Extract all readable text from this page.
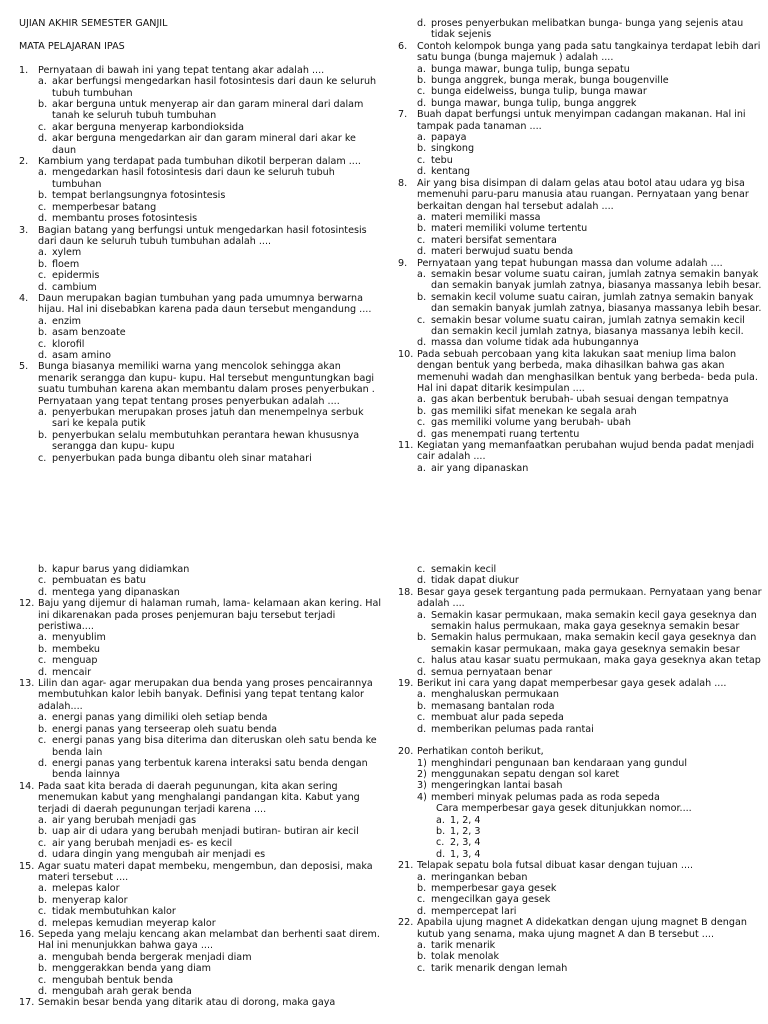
UJIAN AKHIR SEMESTER GANJIL
MATA PELAJARAN IPAS
1.	Pernyataan di bawah ini yang tepat tentang akar adalah ....
a. akar berfungsi mengedarkan hasil fotosintesis dari daun ke seluruh tubuh tumbuhan
b. akar berguna untuk menyerap air dan garam mineral dari dalam tanah ke seluruh tubuh tumbuhan
c. akar berguna menyerap karbondioksida
d. akar berguna mengedarkan air dan garam mineral dari akar ke daun
2.	Kambium yang terdapat pada tumbuhan dikotil berperan dalam ....
a. mengedarkan hasil fotosintesis dari daun ke seluruh tubuh tumbuhan
b. tempat berlangsungnya fotosintesis
c. memperbesar batang
d. membantu proses fotosintesis
3.	Bagian batang yang berfungsi untuk mengedarkan hasil fotosintesis dari daun ke seluruh tubuh tumbuhan adalah ....
a. xylem
b. floem
c. epidermis
d. cambium
4.	Daun merupakan bagian tumbuhan yang pada umumnya berwarna hijau. Hal ini disebabkan karena pada daun tersebut mengandung ....
a. enzim
b. asam benzoate
c. klorofil
d. asam amino
5.	Bunga biasanya memiliki warna yang mencolok sehingga akan menarik serangga dan kupu- kupu. Hal tersebut menguntungkan bagi suatu tumbuhan karena akan membantu dalam proses penyerbukan . Pernyataan yang tepat tentang proses penyerbukan adalah ....
a. penyerbukan merupakan proses jatuh dan menempelnya serbuk sari ke kepala putik
b. penyerbukan selalu membutuhkan perantara hewan khususnya serangga dan kupu- kupu
c. penyerbukan pada bunga dibantu oleh sinar matahari
d. proses penyerbukan melibatkan bunga- bunga yang sejenis atau tidak sejenis
6.	Contoh kelompok bunga yang pada satu tangkainya terdapat lebih dari satu bunga (bunga majemuk ) adalah ....
a. bunga mawar, bunga tulip, bunga sepatu
b. bunga anggrek, bunga merak, bunga bougenville
c. bunga eidelweiss, bunga tulip, bunga mawar
d. bunga mawar, bunga tulip, bunga anggrek
7.	Buah dapat berfungsi untuk menyimpan cadangan makanan. Hal ini tampak pada tanaman ....
a. papaya
b. singkong
c. tebu
d. kentang
8.	Air yang bisa disimpan di dalam gelas atau botol atau udara yg bisa memenuhi paru-paru manusia atau ruangan. Pernyataan yang benar berkaitan dengan hal tersebut adalah ....
a. materi memiliki massa
b. materi memiliki volume tertentu
c. materi bersifat sementara
d. materi berwujud suatu benda
9.	Pernyataan yang tepat hubungan massa dan volume adalah ....
a. semakin besar volume suatu cairan, jumlah zatnya semakin banyak dan semakin banyak jumlah zatnya, biasanya massanya lebih besar.
b. semakin kecil volume suatu cairan, jumlah zatnya semakin banyak dan semakin banyak jumlah zatnya, biasanya massanya lebih besar.
c. semakin besar volume suatu cairan, jumlah zatnya semakin kecil dan semakin kecil jumlah zatnya, biasanya massanya lebih kecil.
d. massa dan volume tidak ada hubungannya
10. Pada sebuah percobaan yang kita lakukan saat meniup lima balon dengan bentuk yang berbeda, maka dihasilkan bahwa gas akan memenuhi wadah dan menghasilkan bentuk yang berbeda- beda pula. Hal ini dapat ditarik kesimpulan ....
a. gas akan berbentuk berubah- ubah sesuai dengan tempatnya
b. gas memiliki sifat menekan ke segala arah
c. gas memiliki volume yang berubah- ubah
d. gas menempati ruang tertentu
11. Kegiatan yang memanfaatkan perubahan wujud benda padat menjadi cair adalah ....
a. air yang dipanaskan
b. kapur barus yang didiamkan
c. pembuatan es batu
d. mentega yang dipanaskan
12. Baju yang dijemur di halaman rumah, lama- kelamaan akan kering. Hal ini dikarenakan pada proses penjemuran baju tersebut terjadi peristiwa....
a. menyublim
b. membeku
c. menguap
d. mencair
13. Lilin dan agar- agar merupakan dua benda yang proses pencairannya membutuhkan kalor lebih banyak. Definisi yang tepat tentang kalor adalah....
a. energi panas yang dimiliki oleh setiap benda
b. energi panas yang terseerap oleh suatu benda
c. energi panas yang bisa diterima dan diteruskan oleh satu benda ke benda lain
d. energi panas yang terbentuk karena interaksi satu benda dengan benda lainnya
14. Pada saat kita berada di daerah pegunungan, kita akan sering menemukan kabut yang menghalangi pandangan kita. Kabut yang terjadi di daerah pegunungan terjadi karena ....
a. air yang berubah menjadi gas
b. uap air di udara yang berubah menjadi butiran- butiran air kecil
c. air yang berubah menjadi es- es kecil
d. udara dingin yang mengubah air menjadi es
15. Agar suatu materi dapat membeku, mengembun, dan deposisi, maka materi tersebut ....
a. melepas kalor
b. menyerap kalor
c. tidak membutuhkan kalor
d. melepas kemudian meyerap kalor
16. Sepeda yang melaju kencang akan melambat dan berhenti saat direm. Hal ini menunjukkan bahwa gaya ....
a. mengubah benda bergerak menjadi diam
b. menggerakkan benda yang diam
c. mengubah bentuk benda
d. mengubah arah gerak benda
17. Semakin besar benda yang ditarik atau di dorong, maka gaya
c. semakin kecil
d. tidak dapat diukur
18. Besar gaya gesek tergantung pada permukaan. Pernyataan yang benar adalah ....
a. Semakin kasar permukaan, maka semakin kecil gaya geseknya dan semakin halus permukaan, maka gaya geseknya semakin besar
b. Semakin halus permukaan, maka semakin kecil gaya geseknya dan semakin kasar permukaan, maka gaya geseknya semakin besar
c. halus atau kasar suatu permukaan, maka gaya geseknya akan tetap
d. semua pernyataan benar
19. Berikut ini cara yang dapat memperbesar gaya gesek adalah ....
a. menghaluskan permukaan
b. memasang bantalan roda
c. membuat alur pada sepeda
d. memberikan pelumas pada rantai
20. Perhatikan contoh berikut,
1) menghindari pengunaan ban kendaraan yang gundul
2) menggunakan sepatu dengan sol karet
3) mengeringkan lantai basah
4) memberi minyak pelumas pada as roda sepeda
Cara memperbesar gaya gesek ditunjukkan nomor....
a. 1, 2, 4
b. 1, 2, 3
c. 2, 3, 4
d. 1, 3, 4
21. Telapak sepatu bola futsal dibuat kasar dengan tujuan ....
a. meringankan beban
b. memperbesar gaya gesek
c. mengecilkan gaya gesek
d. mempercepat lari
22. Apabila ujung magnet A didekatkan dengan ujung magnet B dengan kutub yang senama, maka ujung magnet A dan B tersebut ....
a. tarik menarik
b. tolak menolak
c. tarik menarik dengan lemah
